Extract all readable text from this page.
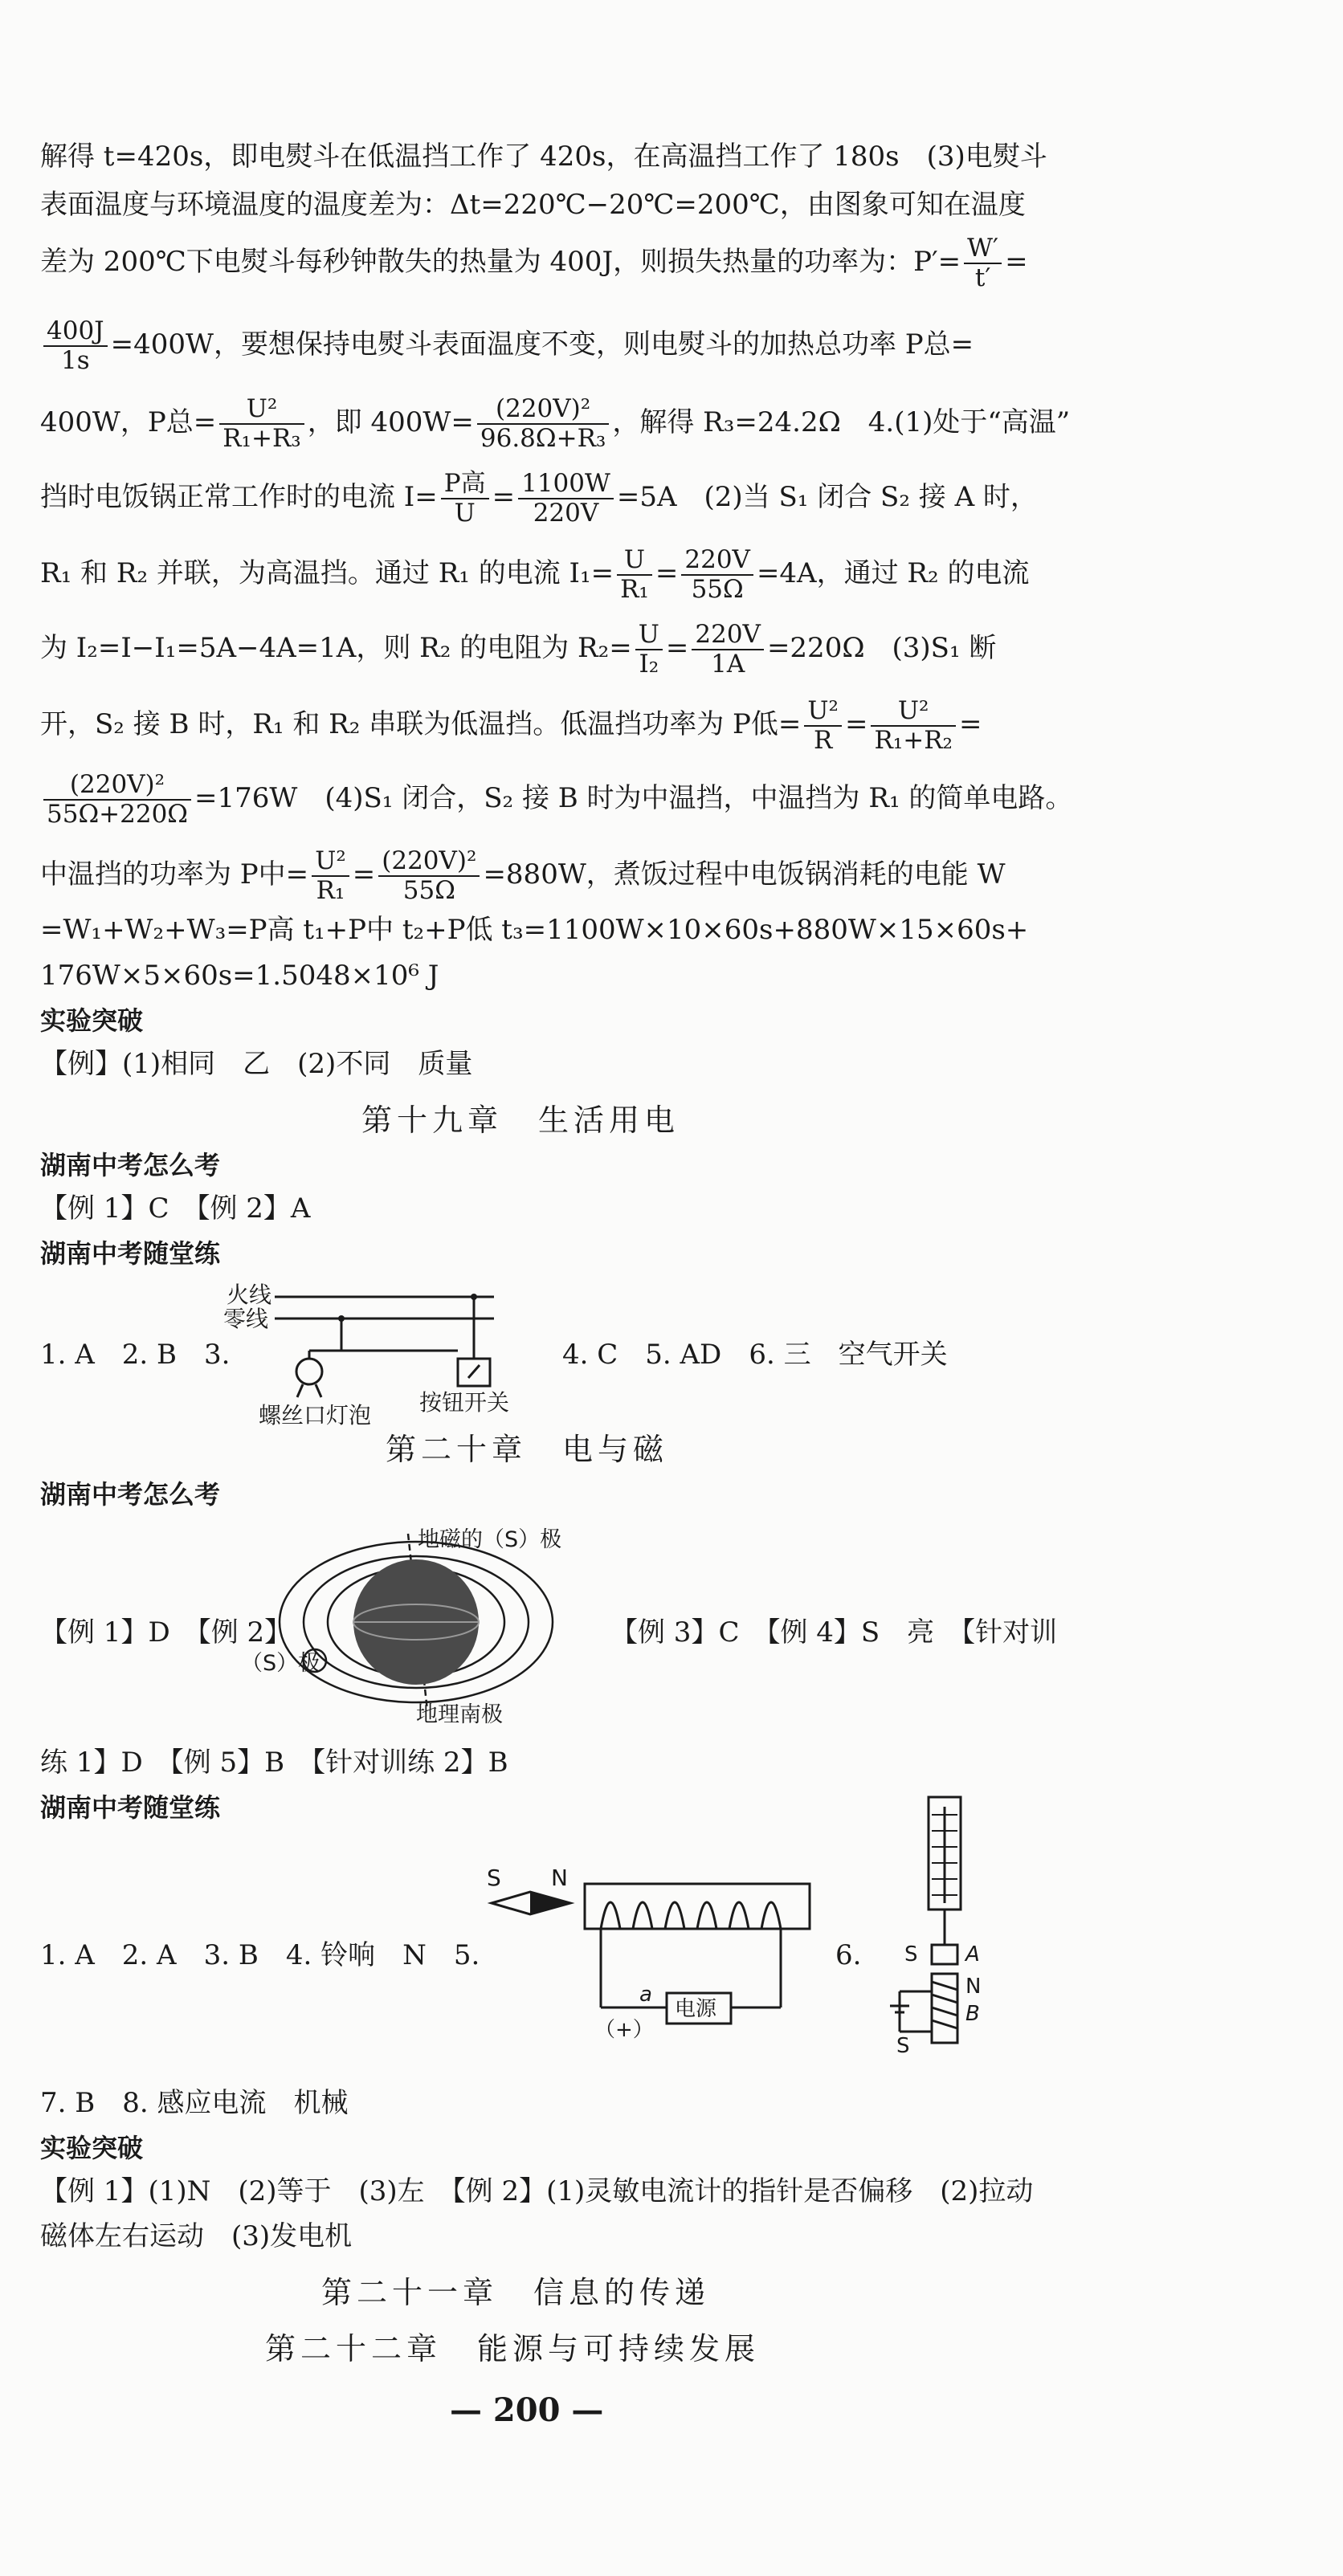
解得 t=420s，即电熨斗在低温挡工作了 420s，在高温挡工作了 180s　(3)电熨斗
表面温度与环境温度的温度差为：Δt=220℃−20℃=200℃，由图象可知在温度
差为 200℃下电熨斗每秒钟散失的热量为 400J，则损失热量的功率为：$P'= \frac{W'}{t'}$ =
$\frac{400J}{1s} =400W$，要想保持电熨斗表面温度不变，则电熨斗的加热总功率 P总=
400W，P总= $\frac{\text{U²}}{\text{R₁+R₃}}$ ，即 $400W= \frac{\text{(220V)²}}{\text{96.8Ω+R₃}}$ ，解得 R₃=24.2Ω　4.(1)处于“高温”
挡时电饭锅正常工作时的电流 $I= \frac{\text{P高}}{U} = \frac{1100W}{220V} =5A$　(2)当 S₁ 闭合 S₂ 接 A 时，
R₁ 和 R₂ 并联，为高温挡。通过 R₁ 的电流 $I_1= \frac{U}{\text{R₁}} = \frac{220V}{55\Omega} =4A$，通过 R₂ 的电流
为 I₂=I−I₁=5A−4A=1A，则 R₂ 的电阻为 $R_2= \frac{U}{\text{I₂}} = \frac{220V}{1A} =220\Omega$　(3)S₁ 断
开，S₂ 接 B 时，R₁ 和 R₂ 串联为低温挡。低温挡功率为 P低= $\frac{\text{U²}}{R} = \frac{\text{U²}}{\text{R₁+R₂}}$ =
$\frac{\text{(220V)²}}{55\Omega+220\Omega} =176W$　(4)S₁ 闭合，S₂ 接 B 时为中温挡，中温挡为 R₁ 的简单电路。
中温挡的功率为 P中= $\frac{\text{U²}}{\text{R₁}} = \frac{\text{(220V)²}}{55\Omega} =880W$，煮饭过程中电饭锅消耗的电能 W
=W₁+W₂+W₃=P高 t₁+P中 t₂+P低 t₃=1100W×10×60s+880W×15×60s+
176W×5×60s=1.5048×10⁶ J
实验突破
【例】(1)相同　乙　(2)不同　质量
第十九章　生活用电
湖南中考怎么考
【例 1】C　【例 2】A
湖南中考随堂练
1. A　2. B　3.	4. C　5. AD　6. 三　空气开关
火线
零线
螺丝口灯泡 按钮开关
第二十章　电与磁
湖南中考怎么考
【例 1】D　【例 2】	【例 3】C　【例 4】S　亮　【针对训
地磁的（S）极
（S）极
地理南极
练 1】D　【例 5】B　【针对训练 2】B
湖南中考随堂练
1. A　2. A　3. B　4. 铃响　N　5.	6.
S N
a
电源
（+）
S A
N
B
S
7. B　8. 感应电流　机械
实验突破
【例 1】(1)N　(2)等于　(3)左　【例 2】(1)灵敏电流计的指针是否偏移　(2)拉动
磁体左右运动　(3)发电机
第二十一章　信息的传递
第二十二章　能源与可持续发展
— 200 —
